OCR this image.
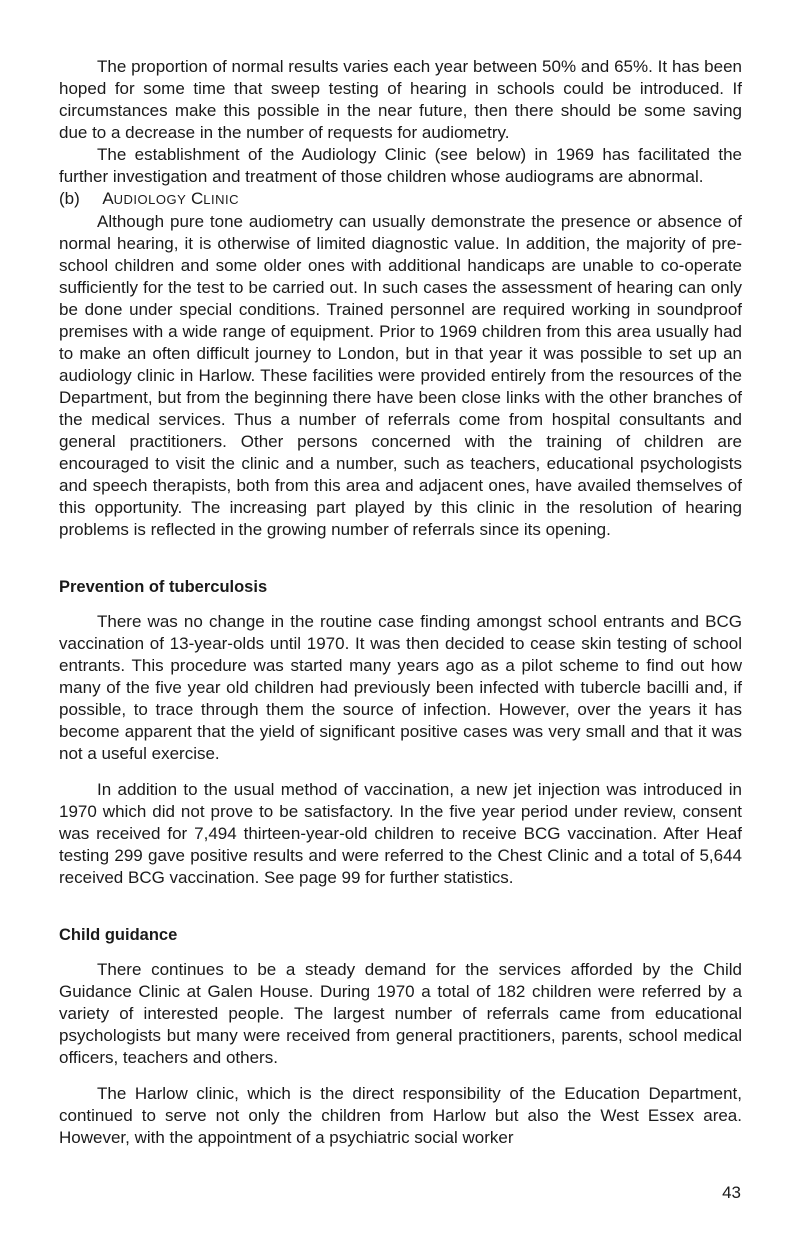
The proportion of normal results varies each year between 50% and 65%. It has been hoped for some time that sweep testing of hearing in schools could be introduced. If circumstances make this possible in the near future, then there should be some saving due to a decrease in the number of requests for audiometry.

The establishment of the Audiology Clinic (see below) in 1969 has facilitated the further investigation and treatment of those children whose audiograms are abnormal.

(b) AUDIOLOGY CLINIC

Although pure tone audiometry can usually demonstrate the presence or absence of normal hearing, it is otherwise of limited diagnostic value. In addition, the majority of pre-school children and some older ones with additional handicaps are unable to co-operate sufficiently for the test to be carried out. In such cases the assessment of hearing can only be done under special conditions. Trained personnel are required working in soundproof premises with a wide range of equipment. Prior to 1969 children from this area usually had to make an often difficult journey to London, but in that year it was possible to set up an audiology clinic in Harlow. These facilities were provided entirely from the resources of the Department, but from the beginning there have been close links with the other branches of the medical services. Thus a number of referrals come from hospital consultants and general practitioners. Other persons concerned with the training of children are encouraged to visit the clinic and a number, such as teachers, educational psychologists and speech therapists, both from this area and adjacent ones, have availed themselves of this opportunity. The increasing part played by this clinic in the resolution of hearing problems is reflected in the growing number of referrals since its opening.

Prevention of tuberculosis

There was no change in the routine case finding amongst school entrants and BCG vaccination of 13-year-olds until 1970. It was then decided to cease skin testing of school entrants. This procedure was started many years ago as a pilot scheme to find out how many of the five year old children had previously been infected with tubercle bacilli and, if possible, to trace through them the source of infection. However, over the years it has become apparent that the yield of significant positive cases was very small and that it was not a useful exercise.

In addition to the usual method of vaccination, a new jet injection was introduced in 1970 which did not prove to be satisfactory. In the five year period under review, consent was received for 7,494 thirteen-year-old children to receive BCG vaccination. After Heaf testing 299 gave positive results and were referred to the Chest Clinic and a total of 5,644 received BCG vaccination. See page 99 for further statistics.

Child guidance

There continues to be a steady demand for the services afforded by the Child Guidance Clinic at Galen House. During 1970 a total of 182 children were referred by a variety of interested people. The largest number of referrals came from educational psychologists but many were received from general practitioners, parents, school medical officers, teachers and others.

The Harlow clinic, which is the direct responsibility of the Education Department, continued to serve not only the children from Harlow but also the West Essex area. However, with the appointment of a psychiatric social worker

43
